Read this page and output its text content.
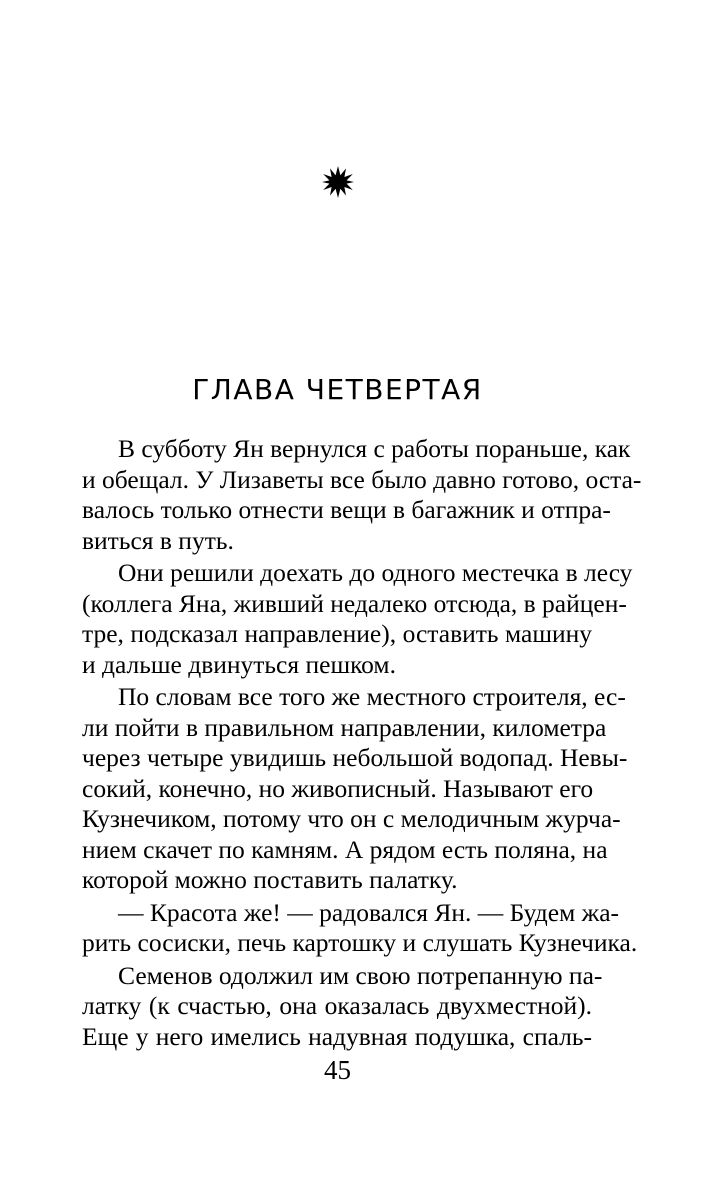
ГЛАВА ЧЕТВЕРТАЯ
В субботу Ян вернулся с работы пораньше, как
и обещал. У Лизаветы все было давно готово, оста-
валось только отнести вещи в багажник и отпра-
виться в путь.
Они решили доехать до одного местечка в лесу
(коллега Яна, живший недалеко отсюда, в райцен-
тре, подсказал направление), оставить машину
и дальше двинуться пешком.
По словам все того же местного строителя, ес-
ли пойти в правильном направлении, километра
через четыре увидишь небольшой водопад. Невы-
сокий, конечно, но живописный. Называют его
Кузнечиком, потому что он с мелодичным журча-
нием скачет по камням. А рядом есть поляна, на
которой можно поставить палатку.
— Красота же! — радовался Ян. — Будем жа-
рить сосиски, печь картошку и слушать Кузнечика.
Семенов одолжил им свою потрепанную па-
латку (к счастью, она оказалась двухместной).
Еще у него имелись надувная подушка, спаль-
45
